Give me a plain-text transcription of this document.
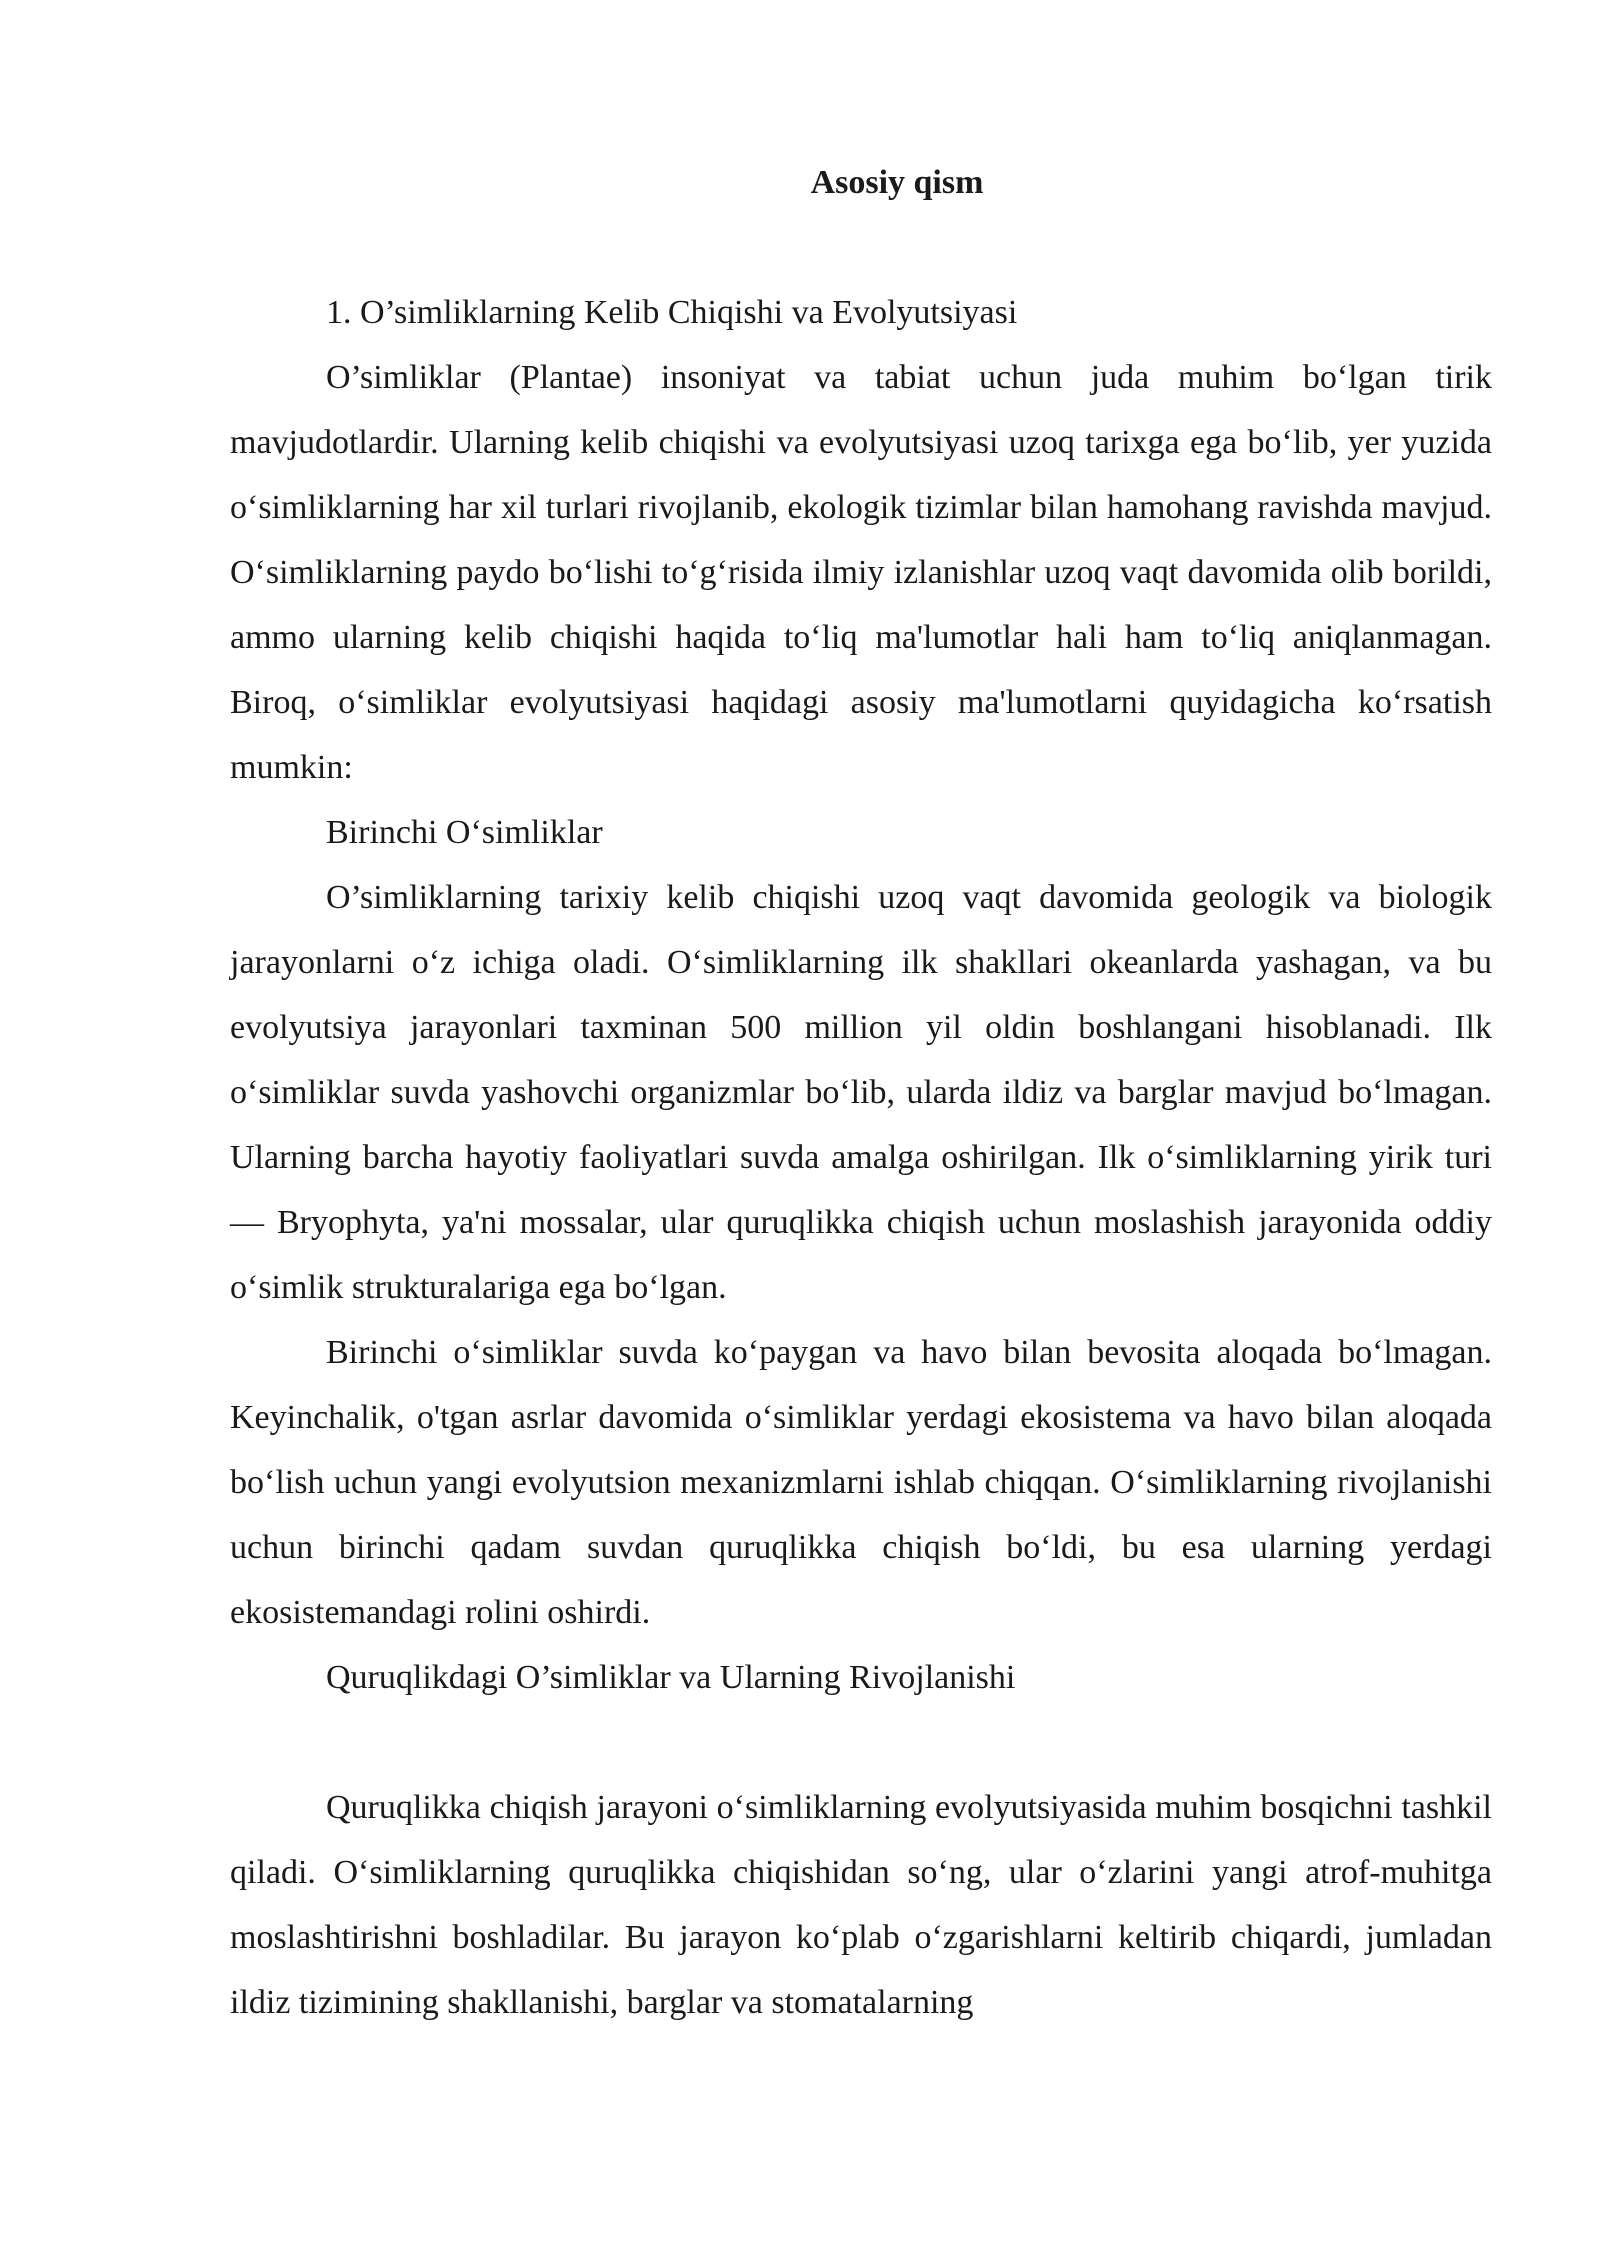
Asosiy qism

1. O’simliklarning Kelib Chiqishi va Evolyutsiyasi

O’simliklar (Plantae) insoniyat va tabiat uchun juda muhim bo‘lgan tirik mavjudotlardir. Ularning kelib chiqishi va evolyutsiyasi uzoq tarixga ega bo‘lib, yer yuzida o‘simliklarning har xil turlari rivojlanib, ekologik tizimlar bilan hamohang ravishda mavjud. O‘simliklarning paydo bo‘lishi to‘g‘risida ilmiy izlanishlar uzoq vaqt davomida olib borildi, ammo ularning kelib chiqishi haqida to‘liq ma'lumotlar hali ham to‘liq aniqlanmagan. Biroq, o‘simliklar evolyutsiyasi haqidagi asosiy ma'lumotlarni quyidagicha ko‘rsatish mumkin:

Birinchi O‘simliklar

O’simliklarning tarixiy kelib chiqishi uzoq vaqt davomida geologik va biologik jarayonlarni o‘z ichiga oladi. O‘simliklarning ilk shakllari okeanlarda yashagan, va bu evolyutsiya jarayonlari taxminan 500 million yil oldin boshlangani hisoblanadi. Ilk o‘simliklar suvda yashovchi organizmlar bo‘lib, ularda ildiz va barglar mavjud bo‘lmagan. Ularning barcha hayotiy faoliyatlari suvda amalga oshirilgan. Ilk o‘simliklarning yirik turi — Bryophyta, ya'ni mossalar, ular quruqlikka chiqish uchun moslashish jarayonida oddiy o‘simlik strukturalariga ega bo‘lgan.

Birinchi o‘simliklar suvda ko‘paygan va havo bilan bevosita aloqada bo‘lmagan. Keyinchalik, o'tgan asrlar davomida o‘simliklar yerdagi ekosistema va havo bilan aloqada bo‘lish uchun yangi evolyutsion mexanizmlarni ishlab chiqqan. O‘simliklarning rivojlanishi uchun birinchi qadam suvdan quruqlikka chiqish bo‘ldi, bu esa ularning yerdagi ekosistemandagi rolini oshirdi.

Quruqlikdagi O’simliklar va Ularning Rivojlanishi

Quruqlikka chiqish jarayoni o‘simliklarning evolyutsiyasida muhim bosqichni tashkil qiladi. O‘simliklarning quruqlikka chiqishidan so‘ng, ular o‘zlarini yangi atrof-muhitga moslashtirishni boshladilar. Bu jarayon ko‘plab o‘zgarishlarni keltirib chiqardi, jumladan ildiz tizimining shakllanishi, barglar va stomatalarning
